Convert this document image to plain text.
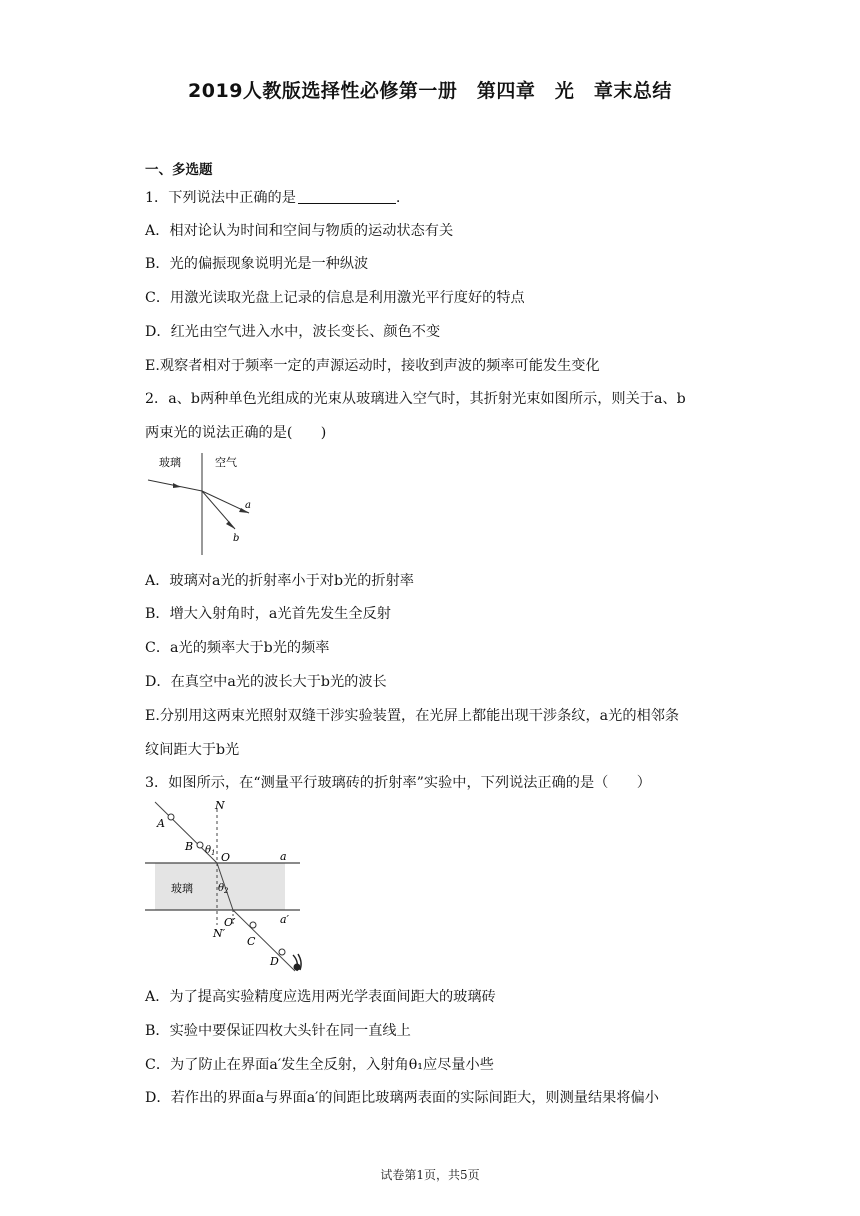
2019人教版选择性必修第一册　第四章　光　章末总结
一、多选题
1．下列说法中正确的是	.
A．相对论认为时间和空间与物质的运动状态有关
B．光的偏振现象说明光是一种纵波
C．用激光读取光盘上记录的信息是利用激光平行度好的特点
D．红光由空气进入水中，波长变长、颜色不变
E.观察者相对于频率一定的声源运动时，接收到声波的频率可能发生变化
2．a、b两种单色光组成的光束从玻璃进入空气时，其折射光束如图所示，则关于a、b
两束光的说法正确的是(　　)
玻璃	空气
a
b
A．玻璃对a光的折射率小于对b光的折射率
B．增大入射角时，a光首先发生全反射
C．a光的频率大于b光的频率
D．在真空中a光的波长大于b光的波长
E.分别用这两束光照射双缝干涉实验装置，在光屏上都能出现干涉条纹，a光的相邻条
纹间距大于b光
3．如图所示，在“测量平行玻璃砖的折射率”实验中，下列说法正确的是（　　）
A
B
C
D
N
N′
O
O′
a
a′
$\theta_1$
$\theta_2$
玻璃
A．为了提高实验精度应选用两光学表面间距大的玻璃砖
B．实验中要保证四枚大头针在同一直线上
C．为了防止在界面a′发生全反射，入射角θ₁应尽量小些
D．若作出的界面a与界面a′的间距比玻璃两表面的实际间距大，则测量结果将偏小
试卷第1页，共5页
